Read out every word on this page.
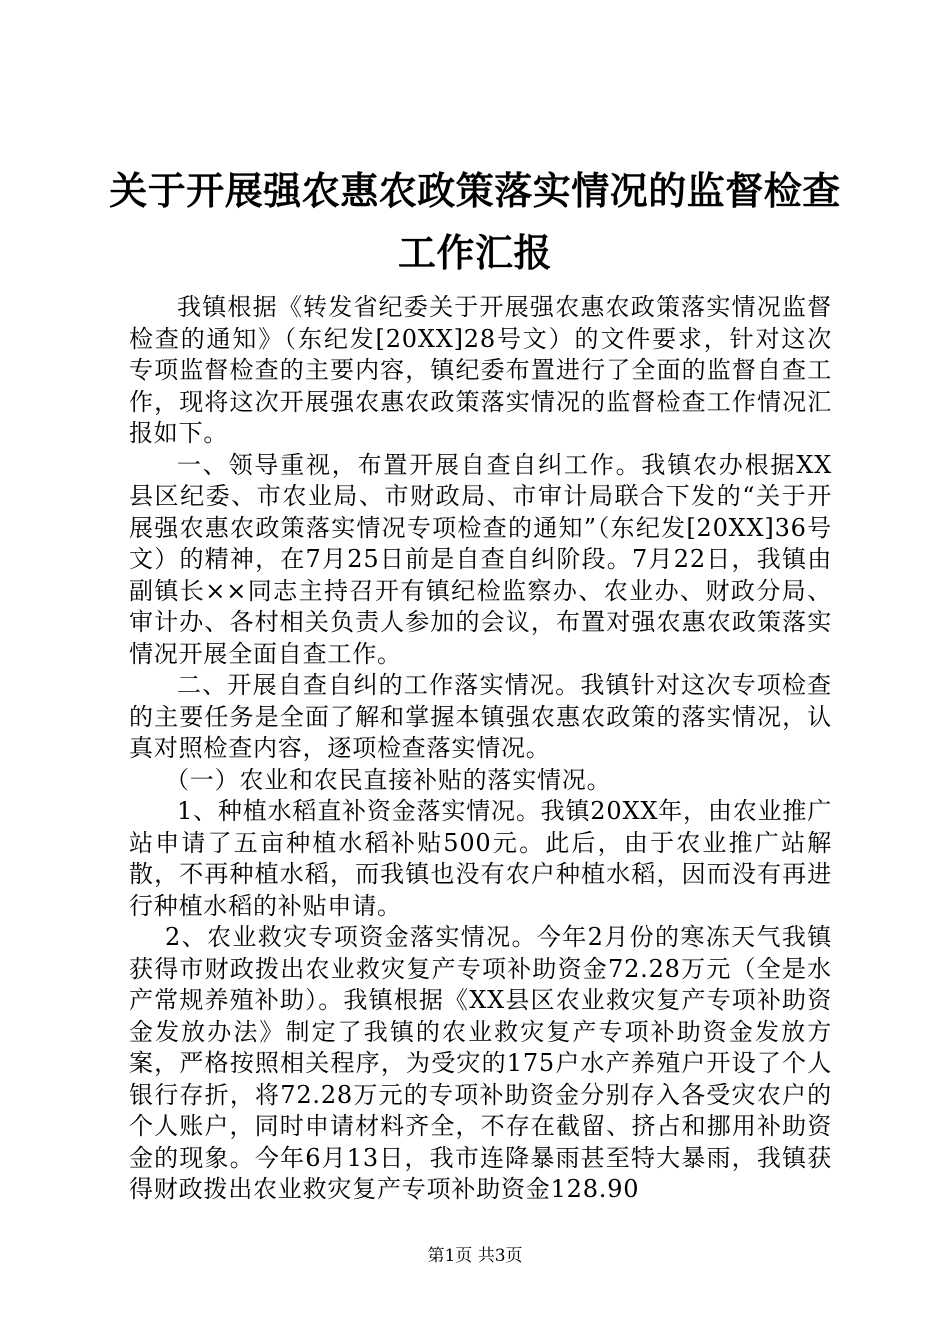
关于开展强农惠农政策落实情况的监督检查工作汇报

我镇根据《转发省纪委关于开展强农惠农政策落实情况监督检查的通知》（东纪发[20XX]28号文）的文件要求，针对这次专项监督检查的主要内容，镇纪委布置进行了全面的监督自查工作，现将这次开展强农惠农政策落实情况的监督检查工作情况汇报如下。

一、领导重视，布置开展自查自纠工作。我镇农办根据XX县区纪委、市农业局、市财政局、市审计局联合下发的“关于开展强农惠农政策落实情况专项检查的通知”（东纪发[20XX]36号文）的精神，在7月25日前是自查自纠阶段。7月22日，我镇由副镇长××同志主持召开有镇纪检监察办、农业办、财政分局、审计办、各村相关负责人参加的会议，布置对强农惠农政策落实情况开展全面自查工作。

二、开展自查自纠的工作落实情况。我镇针对这次专项检查的主要任务是全面了解和掌握本镇强农惠农政策的落实情况，认真对照检查内容，逐项检查落实情况。

（一）农业和农民直接补贴的落实情况。

1、种植水稻直补资金落实情况。我镇20XX年，由农业推广站申请了五亩种植水稻补贴500元。此后，由于农业推广站解散，不再种植水稻，而我镇也没有农户种植水稻，因而没有再进行种植水稻的补贴申请。

2、农业救灾专项资金落实情况。今年2月份的寒冻天气我镇获得市财政拨出农业救灾复产专项补助资金72.28万元（全是水产常规养殖补助）。我镇根据《XX县区农业救灾复产专项补助资金发放办法》制定了我镇的农业救灾复产专项补助资金发放方案，严格按照相关程序，为受灾的175户水产养殖户开设了个人银行存折，将72.28万元的专项补助资金分别存入各受灾农户的个人账户，同时申请材料齐全，不存在截留、挤占和挪用补助资金的现象。今年6月13日，我市连降暴雨甚至特大暴雨，我镇获得财政拨出农业救灾复产专项补助资金128.90

第1页 共3页
